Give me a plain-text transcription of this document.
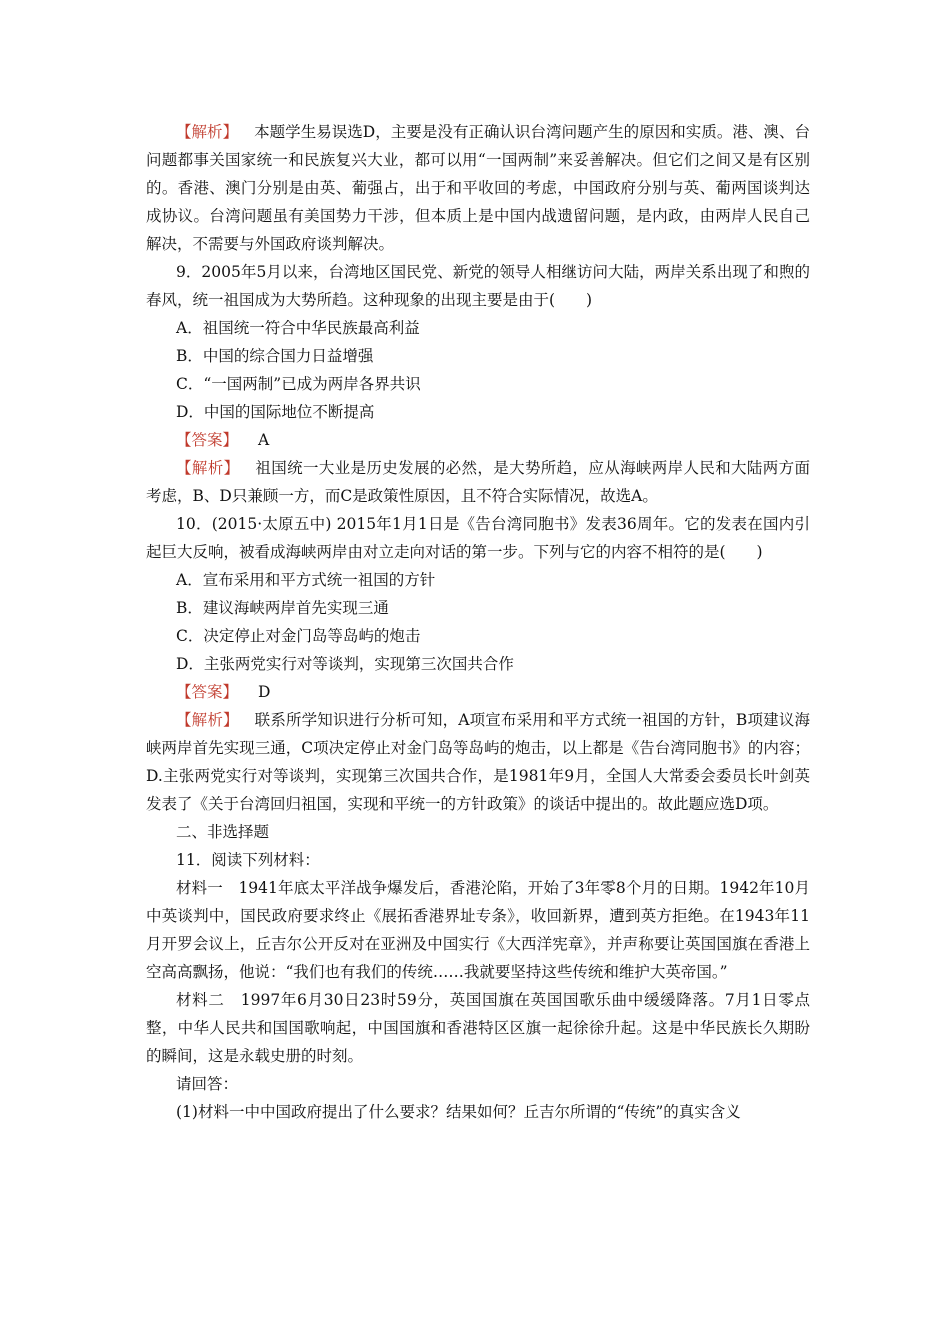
【解析】 本题学生易误选D，主要是没有正确认识台湾问题产生的原因和实质。港、澳、台问题都事关国家统一和民族复兴大业，都可以用“一国两制”来妥善解决。但它们之间又是有区别的。香港、澳门分别是由英、葡强占，出于和平收回的考虑，中国政府分别与英、葡两国谈判达成协议。台湾问题虽有美国势力干涉，但本质上是中国内战遗留问题，是内政，由两岸人民自己解决，不需要与外国政府谈判解决。

9．2005年5月以来，台湾地区国民党、新党的领导人相继访问大陆，两岸关系出现了和煦的春风，统一祖国成为大势所趋。这种现象的出现主要是由于(　　)

A．祖国统一符合中华民族最高利益

B．中国的综合国力日益增强

C．“一国两制”已成为两岸各界共识

D．中国的国际地位不断提高

【答案】 A

【解析】 祖国统一大业是历史发展的必然，是大势所趋，应从海峡两岸人民和大陆两方面考虑，B、D只兼顾一方，而C是政策性原因，且不符合实际情况，故选A。

10．(2015·太原五中) 2015年1月1日是《告台湾同胞书》发表36周年。它的发表在国内引起巨大反响，被看成海峡两岸由对立走向对话的第一步。下列与它的内容不相符的是(　　)

A．宣布采用和平方式统一祖国的方针

B．建议海峡两岸首先实现三通

C．决定停止对金门岛等岛屿的炮击

D．主张两党实行对等谈判，实现第三次国共合作

【答案】 D

【解析】 联系所学知识进行分析可知，A项宣布采用和平方式统一祖国的方针，B项建议海峡两岸首先实现三通，C项决定停止对金门岛等岛屿的炮击，以上都是《告台湾同胞书》的内容；D.主张两党实行对等谈判，实现第三次国共合作，是1981年9月，全国人大常委会委员长叶剑英发表了《关于台湾回归祖国，实现和平统一的方针政策》的谈话中提出的。故此题应选D项。

二、非选择题

11．阅读下列材料：

材料一　1941年底太平洋战争爆发后，香港沦陷，开始了3年零8个月的日期。1942年10月中英谈判中，国民政府要求终止《展拓香港界址专条》，收回新界，遭到英方拒绝。在1943年11月开罗会议上，丘吉尔公开反对在亚洲及中国实行《大西洋宪章》，并声称要让英国国旗在香港上空高高飘扬，他说：“我们也有我们的传统……我就要坚持这些传统和维护大英帝国。”

材料二　1997年6月30日23时59分，英国国旗在英国国歌乐曲中缓缓降落。7月1日零点整，中华人民共和国国歌响起，中国国旗和香港特区区旗一起徐徐升起。这是中华民族长久期盼的瞬间，这是永载史册的时刻。

请回答：

(1)材料一中中国政府提出了什么要求？结果如何？丘吉尔所谓的“传统”的真实含义
